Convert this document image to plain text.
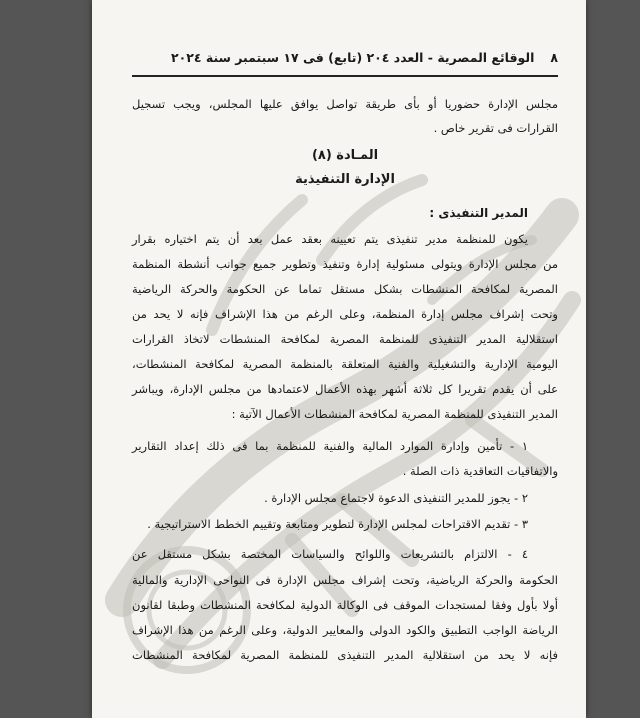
٨
الوقائع المصرية - العدد ٢٠٤ (تابع) فى ١٧ سبتمبر سنة ٢٠٢٤
مجلس الإدارة حضوريا أو بأى طريقة تواصل يوافق عليها المجلس، ويجب تسجيل
القرارات فى تقرير خاص .
المـادة (٨)
الإدارة التنفيذية
المدير التنفيذى :
يكون للمنظمة مدير تنفيذى يتم تعيينه بعقد عمل بعد أن يتم اختياره بقرار
من مجلس الإدارة ويتولى مسئولية إدارة وتنفيذ وتطوير جميع جوانب أنشطة المنظمة
المصرية لمكافحة المنشطات بشكل مستقل تماما عن الحكومة والحركة الرياضية
وتحت إشراف مجلس إدارة المنظمة، وعلى الرغم من هذا الإشراف فإنه لا يحد من
استقلالية المدير التنفيذى للمنظمة المصرية لمكافحة المنشطات لاتخاذ القرارات
اليومية الإدارية والتشغيلية والفنية المتعلقة بالمنظمة المصرية لمكافحة المنشطات،
على أن يقدم تقريرا كل ثلاثة أشهر بهذه الأعمال لاعتمادها من مجلس الإدارة، ويباشر
المدير التنفيذى للمنظمة المصرية لمكافحة المنشطات الأعمال الآتية :
١ - تأمين وإدارة الموارد المالية والفنية للمنظمة بما فى ذلك إعداد التقارير
والاتفاقيات التعاقدية ذات الصلة .
٢ - يجوز للمدير التنفيذى الدعوة لاجتماع مجلس الإدارة .
٣ - تقديم الاقتراحات لمجلس الإدارة لتطوير ومتابعة وتقييم الخطط الاستراتيجية .
٤ - الالتزام بالتشريعات واللوائح والسياسات المختصة بشكل مستقل عن
الحكومة والحركة الرياضية، وتحت إشراف مجلس الإدارة فى النواحى الإدارية والمالية
أولا بأول وفقا لمستجدات الموقف فى الوكالة الدولية لمكافحة المنشطات وطبقا لقانون
الرياضة الواجب التطبيق والكود الدولى والمعايير الدولية، وعلى الرغم من هذا الإشراف
فإنه لا يحد من استقلالية المدير التنفيذى للمنظمة المصرية لمكافحة المنشطات
